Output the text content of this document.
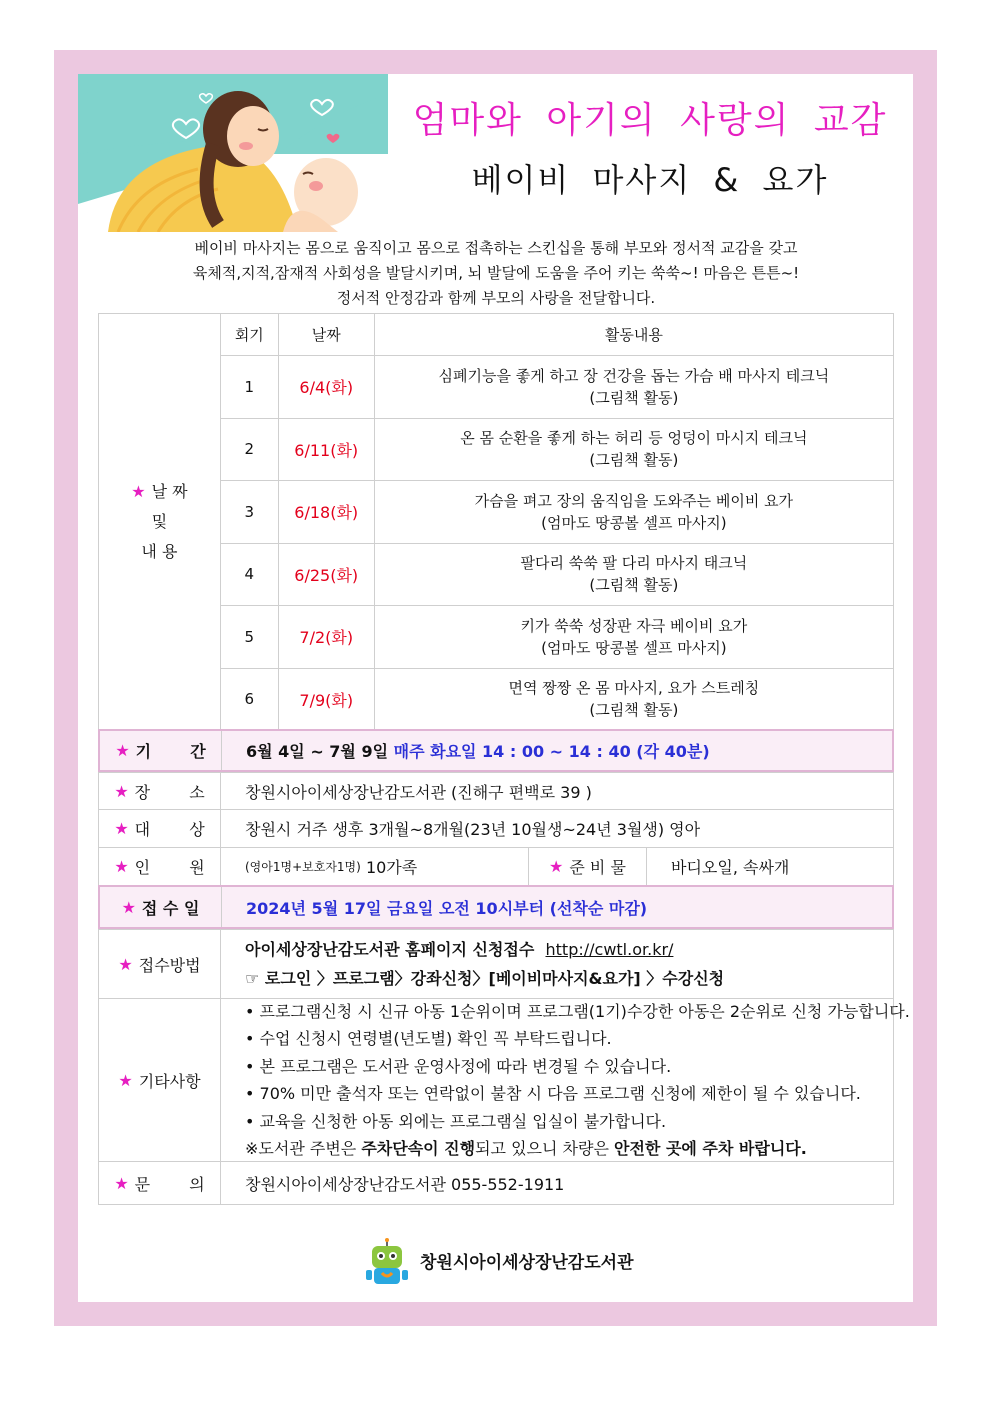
엄마와 아기의 사랑의 교감
베이비 마사지 & 요가
베이비 마사지는 몸으로 움직이고 몸으로 접촉하는 스킨십을 통해 부모와 정서적 교감을 갖고
육체적,지적,잠재적 사회성을 발달시키며, 뇌 발달에 도움을 주어 키는 쑥쑥~! 마음은 튼튼~!
정서적 안정감과 함께 부모의 사랑을 전달합니다.
★ 날 짜
및
내 용	회기	날짜	활동내용
	1	6/4(화)	심폐기능을 좋게 하고 장 건강을 돕는 가슴 배 마사지 테크닉
(그림책 활동)

	2	6/11(화)	온 몸 순환을 좋게 하는 허리 등 엉덩이 마시지 테크닉
(그림책 활동)

	3	6/18(화)	가슴을 펴고 장의 움직임을 도와주는 베이비 요가
(엄마도 땅콩볼 셀프 마사지)

	4	6/25(화)	팔다리 쑥쑥 팔 다리 마사지 태크닉
(그림책 활동)

	5	7/2(화)	키가 쑥쑥 성장판 자극 베이비 요가
(엄마도 땅콩볼 셀프 마사지)

	6	7/9(화)	면역 짱짱 온 몸 마사지, 요가 스트레칭
(그림책 활동)
★ 기 간	6월 4일 ~ 7월 9일
매주 화요일 14 : 00 ~ 14 : 40 (각 40분)
★ 장 소	창원시아이세상장난감도서관 (진해구 편백로 39 )
★ 대 상	창원시 거주 생후 3개월~8개월(23년 10월생~24년 3월생) 영아
★ 인 원	(영아1명+보호자1명)
10가족	★ 준 비 물	바디오일, 속싸개
★ 접 수 일	2024년 5월 17일 금요일 오전 10시부터 (선착순 마감)
★ 접수방법
아이세상장난감도서관 홈페이지 신청접수 http://cwtl.or.kr/
☞ 로그인 〉프로그램〉강좌신청〉[베이비마사지&요가] 〉수강신청
★ 기타사항
• 프로그램신청 시 신규 아동 1순위이며 프로그램(1기)수강한 아동은 2순위로 신청 가능합니다.
• 수업 신청시 연령별(년도별) 확인 꼭 부탁드립니다.
• 본 프로그램은 도서관 운영사정에 따라 변경될 수 있습니다.
• 70% 미만 출석자 또는 연락없이 불참 시 다음 프로그램 신청에 제한이 될 수 있습니다.
• 교육을 신청한 아동 외에는 프로그램실 입실이 불가합니다.
※도서관 주변은 주차단속이 진행되고 있으니 차량은 안전한 곳에 주차 바랍니다.
★ 문 의	창원시아이세상장난감도서관 055-552-1911
창원시아이세상장난감도서관
